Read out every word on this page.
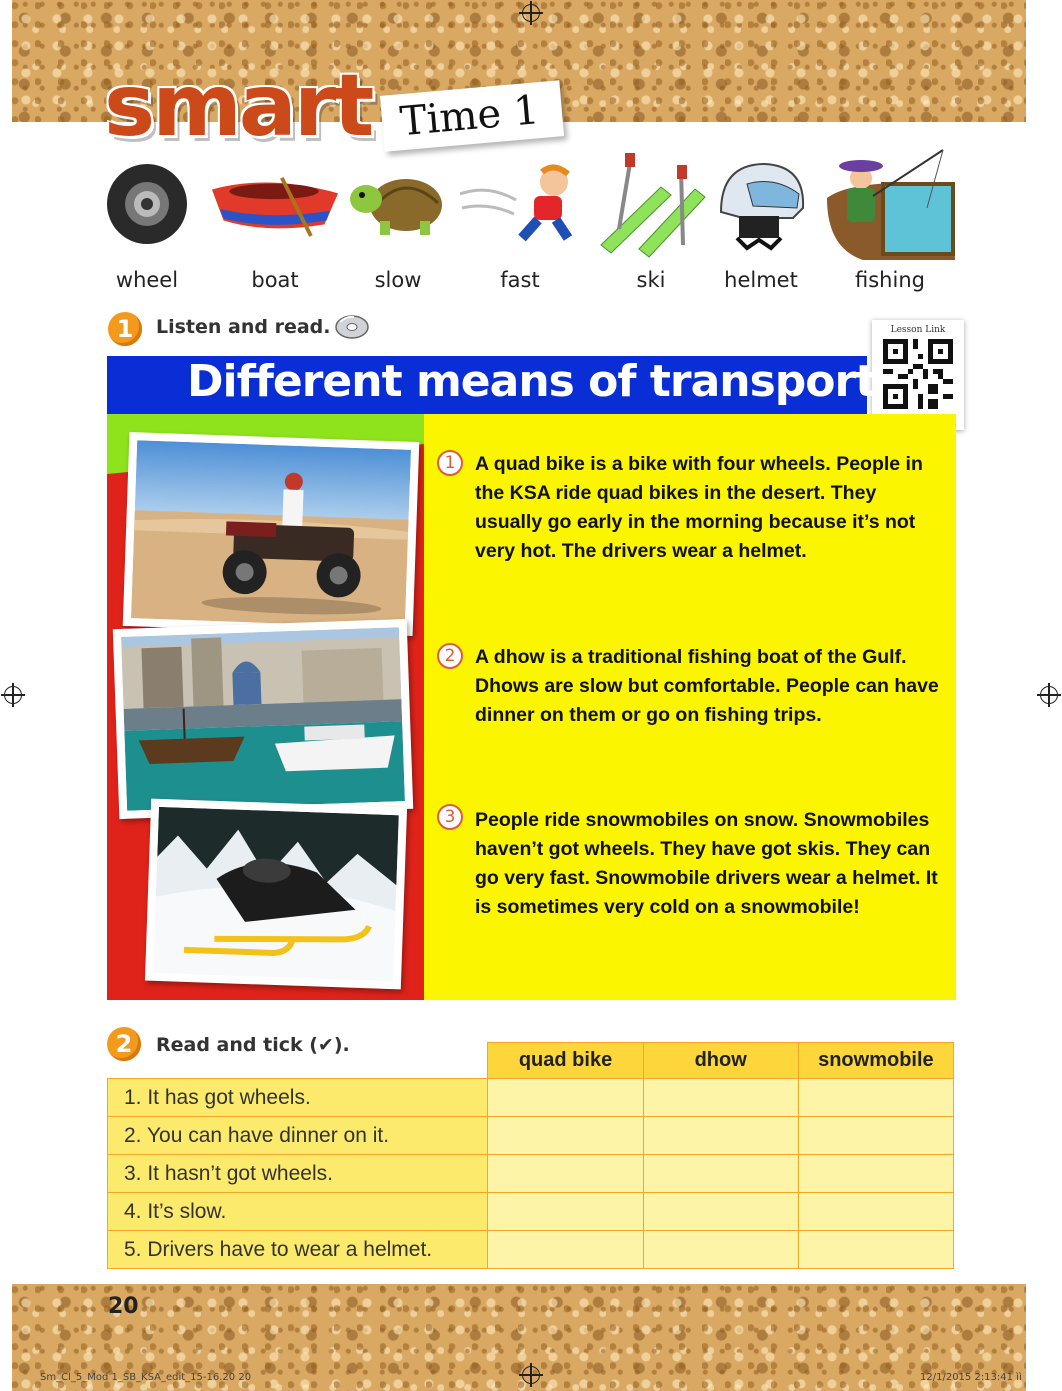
smart Time 1
wheel	boat	slow	fast	ski	helmet	fishing
1	Listen and read.	Lesson Link
Different means of transport
1	A quad bike is a bike with four wheels. People in the KSA ride quad bikes in the desert. They usually go early in the morning because it’s not very hot. The drivers wear a helmet.
2	A dhow is a traditional fishing boat of the Gulf. Dhows are slow but comfortable. People can have dinner on them or go on fishing trips.
3	People ride snowmobiles on snow. Snowmobiles haven’t got wheels. They have got skis. They can go very fast. Snowmobile drivers wear a helmet. It is sometimes very cold on a snowmobile!
2	Read and tick (✔).
	quad bike	dhow	snowmobile
1. It has got wheels.			
2. You can have dinner on it.			
3. It hasn’t got wheels.			
4. It’s slow.			
5. Drivers have to wear a helmet.			
20
Sm_Cl_5_Mod 1_SB_KSA_edit_15-16.20 20	12/1/2015 2:13:41 ìì
